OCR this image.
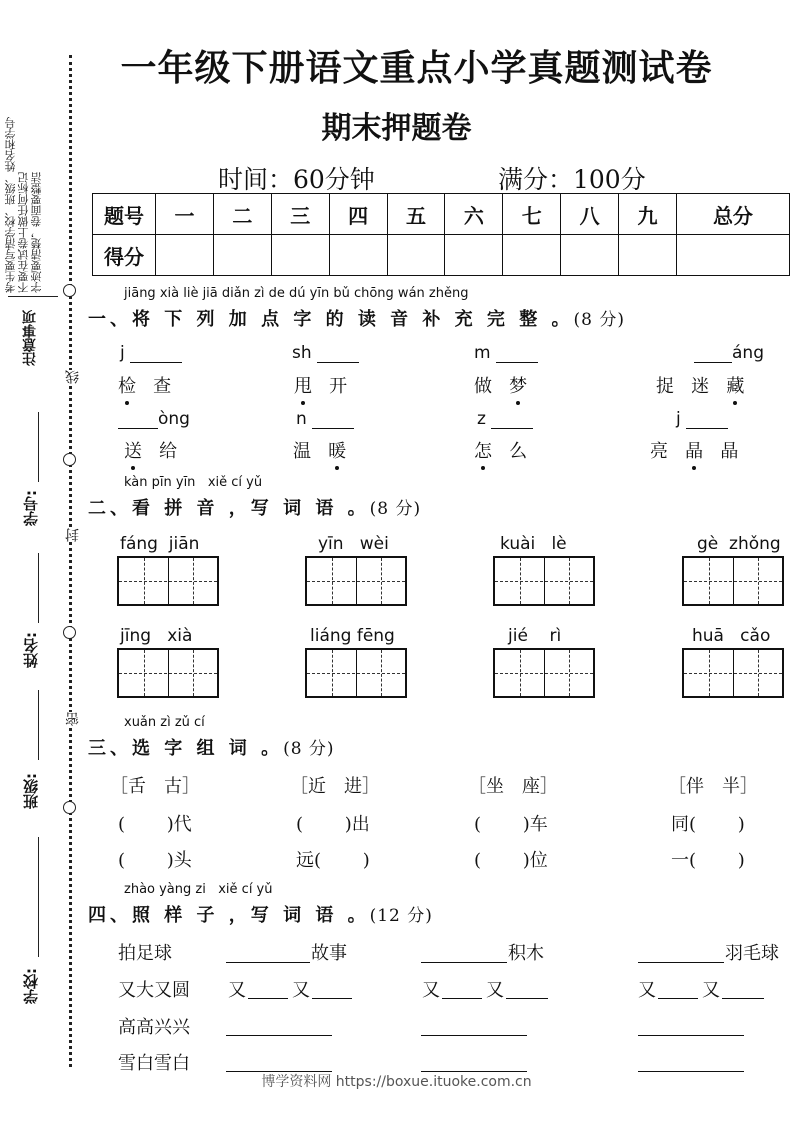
线
封
密
考生要写清学校、班级、姓名和学号 不要在试卷上做任何标记 字迹要清楚，卷面要整洁
注意事项
学号:
姓名:
班级:
学校:
一年级下册语文重点小学真题测试卷
期末押题卷
时间：60分钟	满分：100分
题号	一	二	三	四	五	六	七	八	九	总分
得分										
jiāng xià liè jiā diǎn zì de dú yīn bǔ chōng wán zhěng
一、将 下 列 加 点 字 的 读 音 补 充 完 整 。(8 分)
j	sh	m	áng
检 查	甩 开	做 梦	捉 迷 藏
òng	n	z	j
送 给	温 暖	怎 么	亮 晶 晶
kàn pīn yīn   xiě cí yǔ
二、看 拼 音 ，写 词 语 。(8 分)
fáng  jiān	yīn   wèi	kuài   lè	gè  zhǒng
jīng   xià	liáng fēng	jié    rì	huā   cǎo
xuǎn zì zǔ cí
三、选 字 组 词 。(8 分)
［舌　古］	［近　进］	［坐　座］	［伴　半］
(　　 )代	(　　 )出	(　　 )车	同(　　 )
(　　 )头	远(　　 )	(　　 )位	一(　　 )
zhào yàng zi   xiě cí yǔ
四、照 样 子 ，写 词 语 。(12 分)
拍足球	故事	积木	羽毛球
又大又圆 又	又	又	又	又	又
高高兴兴
雪白雪白
博学资料网 https://boxue.ituoke.com.cn
